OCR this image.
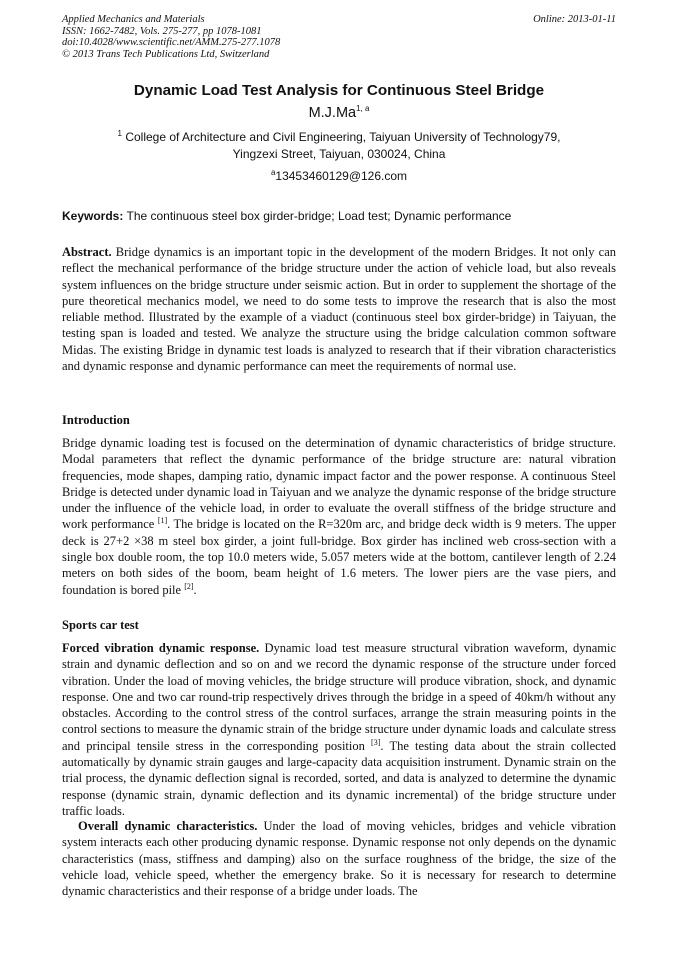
Applied Mechanics and Materials
ISSN: 1662-7482, Vols. 275-277, pp 1078-1081
doi:10.4028/www.scientific.net/AMM.275-277.1078
© 2013 Trans Tech Publications Ltd, Switzerland
Online: 2013-01-11
Dynamic Load Test Analysis for Continuous Steel Bridge
M.J.Ma$^{1, a}$
$^1$ College of Architecture and Civil Engineering, Taiyuan University of Technology79, Yingzexi Street, Taiyuan, 030024, China
$^a$13453460129@126.com
Keywords: The continuous steel box girder-bridge; Load test; Dynamic performance
Abstract. Bridge dynamics is an important topic in the development of the modern Bridges. It not only can reflect the mechanical performance of the bridge structure under the action of vehicle load, but also reveals system influences on the bridge structure under seismic action. But in order to supplement the shortage of the pure theoretical mechanics model, we need to do some tests to improve the research that is also the most reliable method. Illustrated by the example of a viaduct (continuous steel box girder-bridge) in Taiyuan, the testing span is loaded and tested. We analyze the structure using the bridge calculation common software Midas. The existing Bridge in dynamic test loads is analyzed to research that if their vibration characteristics and dynamic response and dynamic performance can meet the requirements of normal use.
Introduction
Bridge dynamic loading test is focused on the determination of dynamic characteristics of bridge structure. Modal parameters that reflect the dynamic performance of the bridge structure are: natural vibration frequencies, mode shapes, damping ratio, dynamic impact factor and the power response. A continuous Steel Bridge is detected under dynamic load in Taiyuan and we analyze the dynamic response of the bridge structure under the influence of the vehicle load, in order to evaluate the overall stiffness of the bridge structure and work performance [1]. The bridge is located on the R=320m arc, and bridge deck width is 9 meters. The upper deck is 27+2 ×38 m steel box girder, a joint full-bridge. Box girder has inclined web cross-section with a single box double room, the top 10.0 meters wide, 5.057 meters wide at the bottom, cantilever length of 2.24 meters on both sides of the boom, beam height of 1.6 meters. The lower piers are the vase piers, and foundation is bored pile [2].
Sports car test
Forced vibration dynamic response. Dynamic load test measure structural vibration waveform, dynamic strain and dynamic deflection and so on and we record the dynamic response of the structure under forced vibration. Under the load of moving vehicles, the bridge structure will produce vibration, shock, and dynamic response. One and two car round-trip respectively drives through the bridge in a speed of 40km/h without any obstacles. According to the control stress of the control surfaces, arrange the strain measuring points in the control sections to measure the dynamic strain of the bridge structure under dynamic loads and calculate stress and principal tensile stress in the corresponding position [3]. The testing data about the strain collected automatically by dynamic strain gauges and large-capacity data acquisition instrument. Dynamic strain on the trial process, the dynamic deflection signal is recorded, sorted, and data is analyzed to determine the dynamic response (dynamic strain, dynamic deflection and its dynamic incremental) of the bridge structure under traffic loads.
Overall dynamic characteristics. Under the load of moving vehicles, bridges and vehicle vibration system interacts each other producing dynamic response. Dynamic response not only depends on the dynamic characteristics (mass, stiffness and damping) also on the surface roughness of the bridge, the size of the vehicle load, vehicle speed, whether the emergency brake. So it is necessary for research to determine dynamic characteristics and their response of a bridge under loads. The
